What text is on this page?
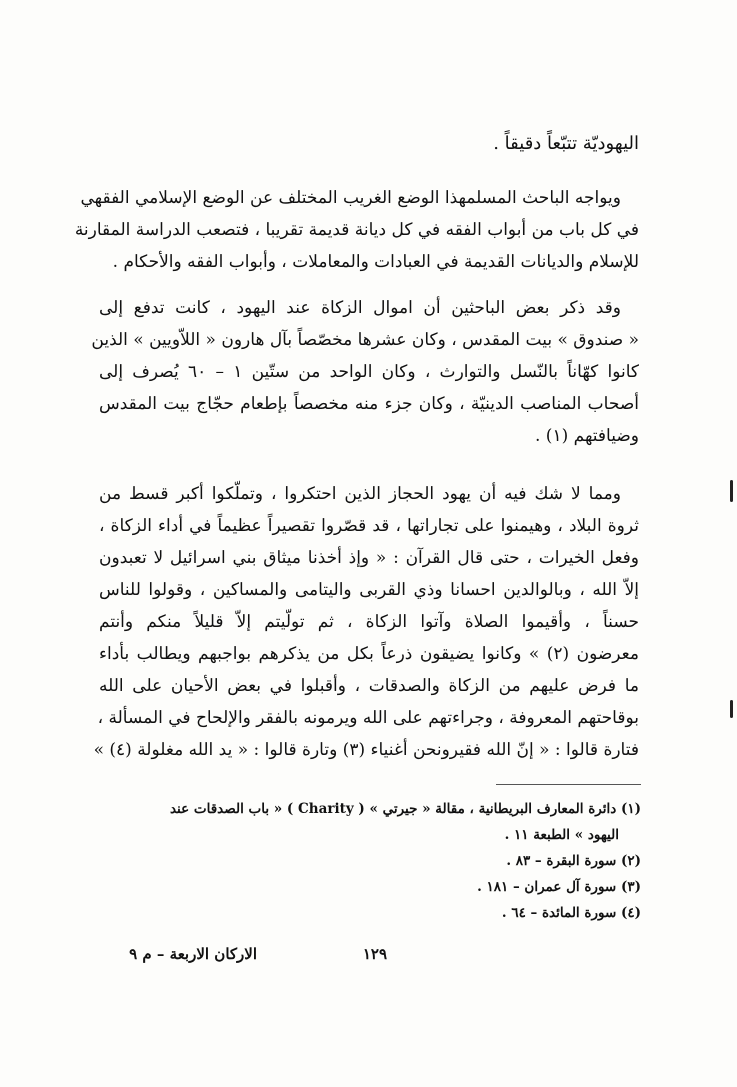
اليهوديّة تتبّعاً دقيقاً .
ويواجه الباحث المسلمهذا الوضع الغريب المختلف عن الوضع الإسلامي الفقهي
في كل باب من أبواب الفقه في كل ديانة قديمة تقريبا ، فتصعب الدراسة المقارنة
للإسلام والديانات القديمة في العبادات والمعاملات ، وأبواب الفقه والأحكام .
وقد ذكر بعض الباحثين أن اموال الزكاة عند اليهود ، كانت تدفع إلى
« صندوق » بيت المقدس ، وكان عشرها مخصّصاً بآل هارون « اللاّويين » الذين
كانوا كهّاناً بالنّسل والتوارث ، وكان الواحد من ستّين ١ – ٦٠ يُصرف إلى
أصحاب المناصب الدينيّة ، وكان جزء منه مخصصاً بإطعام حجّاج بيت المقدس
وضيافتهم (١) .
ومما لا شك فيه أن يهود الحجاز الذين احتكروا ، وتملّكوا أكبر قسط من
ثروة البلاد ، وهيمنوا على تجاراتها ، قد قصّروا تقصيراً عظيماً في أداء الزكاة ،
وفعل الخيرات ، حتى قال القرآن : « وإذ أخذنا ميثاق بني اسرائيل لا تعبدون
إلاّ الله ، وبالوالدين احسانا وذي القربى واليتامى والمساكين ، وقولوا للناس
حسناً ، وأقيموا الصلاة وآتوا الزكاة ، ثم تولّيتم إلاّ قليلاً منكم وأنتم
معرضون (٢) » وكانوا يضيقون ذرعاً بكل من يذكرهم بواجبهم ويطالب بأداء
ما فرض عليهم من الزكاة والصدقات ، وأقبلوا في بعض الأحيان على الله
بوقاحتهم المعروفة ، وجراءتهم على الله ويرمونه بالفقر والإلحاح في المسألة ،
فتارة قالوا : « إنّ الله فقيرونحن أغنياء (٣) وتارة قالوا : « يد الله مغلولة (٤) »
(١) دائرة المعارف البريطانية ، مقالة « جيرتي » ( Charity ) « باب الصدقات عند
اليهود » الطبعة ١١ .
(٢) سورة البقرة – ٨٣ .
(٣) سورة آل عمران – ١٨١ .
(٤) سورة المائدة – ٦٤ .
١٢٩
الاركان الاربعة – م ٩
